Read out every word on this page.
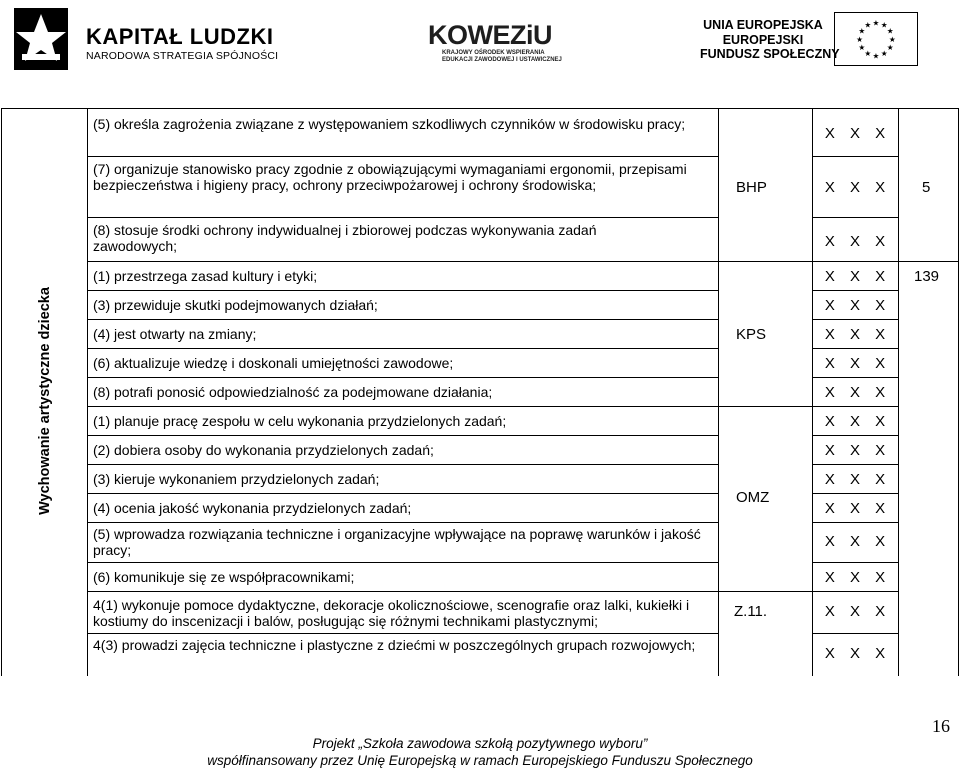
KAPITAŁ LUDZKI
NARODOWA STRATEGIA SPÓJNOŚCI
KOWEZiU
KRAJOWY OŚRODEK WSPIERANIA
EDUKACJI ZAWODOWEJ I USTAWICZNEJ
UNIA EUROPEJSKA
EUROPEJSKI
FUNDUSZ SPOŁECZNY
★
★
★
★
★
★
★
★
★ ★ ★
★
Wychowanie artystyczne dziecka
(5) określa zagrożenia związane z występowaniem szkodliwych czynników w środowisku pracy;
(7) organizuje stanowisko pracy zgodnie z obowiązującymi wymaganiami ergonomii, przepisami bezpieczeństwa i higieny pracy, ochrony przeciwpożarowej i ochrony środowiska;
(8) stosuje środki ochrony indywidualnej i zbiorowej podczas wykonywania zadań zawodowych;
(1) przestrzega zasad kultury i etyki;
(3) przewiduje skutki podejmowanych działań;
(4) jest otwarty na zmiany;
(6) aktualizuje wiedzę i doskonali umiejętności zawodowe;
(8) potrafi ponosić odpowiedzialność za podejmowane działania;
(1) planuje pracę zespołu w celu wykonania przydzielonych zadań;
(2) dobiera osoby do wykonania przydzielonych zadań;
(3) kieruje wykonaniem przydzielonych zadań;
(4) ocenia jakość wykonania przydzielonych zadań;
(5) wprowadza rozwiązania techniczne i organizacyjne wpływające na poprawę warunków i jakość pracy;
(6) komunikuje się ze współpracownikami;
4(1) wykonuje pomoce dydaktyczne, dekoracje okolicznościowe, scenografie oraz lalki, kukiełki i kostiumy do inscenizacji i balów, posługując się różnymi technikami plastycznymi;
4(3) prowadzi zajęcia techniczne i plastyczne z dziećmi w poszczególnych grupach rozwojowych;
BHP
KPS
OMZ
Z.11.
X X X
X X X
X X X
X X X
X X X
X X X
X X X
X X X
X X X
X X X
X X X
X X X
X X X
X X X
X X X
X X X
5
139
16
Projekt „Szkoła zawodowa szkołą pozytywnego wyboru”
współfinansowany przez Unię Europejską w ramach Europejskiego Funduszu Społecznego
